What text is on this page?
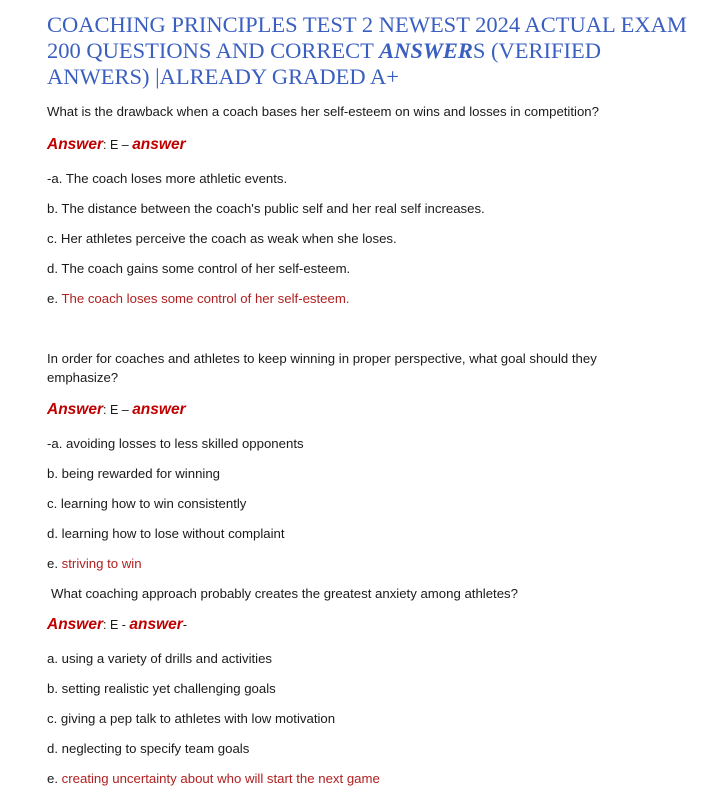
COACHING PRINCIPLES TEST 2 NEWEST 2024 ACTUAL EXAM 200 QUESTIONS AND CORRECT ANSWERS (VERIFIED ANWERS) |ALREADY GRADED A+
What is the drawback when a coach bases her self-esteem on wins and losses in competition?
Answer: E – answer
-a. The coach loses more athletic events.
b. The distance between the coach's public self and her real self increases.
c. Her athletes perceive the coach as weak when she loses.
d. The coach gains some control of her self-esteem.
e. The coach loses some control of her self-esteem.
In order for coaches and athletes to keep winning in proper perspective, what goal should they emphasize?
Answer: E – answer
-a. avoiding losses to less skilled opponents
b. being rewarded for winning
c. learning how to win consistently
d. learning how to lose without complaint
e. striving to win
What coaching approach probably creates the greatest anxiety among athletes?
Answer: E - answer-
a. using a variety of drills and activities
b. setting realistic yet challenging goals
c. giving a pep talk to athletes with low motivation
d. neglecting to specify team goals
e. creating uncertainty about who will start the next game
